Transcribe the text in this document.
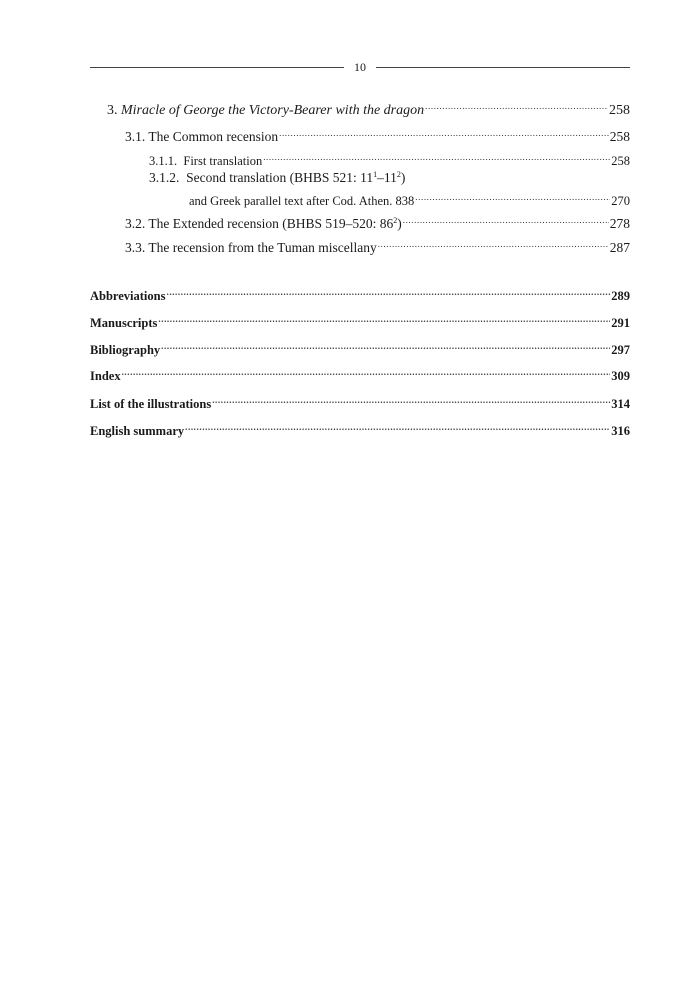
10
3. Miracle of George the Victory-Bearer with the dragon .....	258
3.1. The Common recension .....	258
3.1.1.  First translation .....	258
3.1.2.  Second translation (BHBS 521: $11^1-11^2$)
and Greek parallel text after Cod. Athen. 838 .....	270
3.2. The Extended recension (BHBS 519–520: $86^2$) .....	278
3.3. The recension from the Tuman miscellany .....	287
Abbreviations .....	289
Manuscripts .....	291
Bibliography .....	297
Index .....	309
List of the illustrations .....	314
English summary .....	316
